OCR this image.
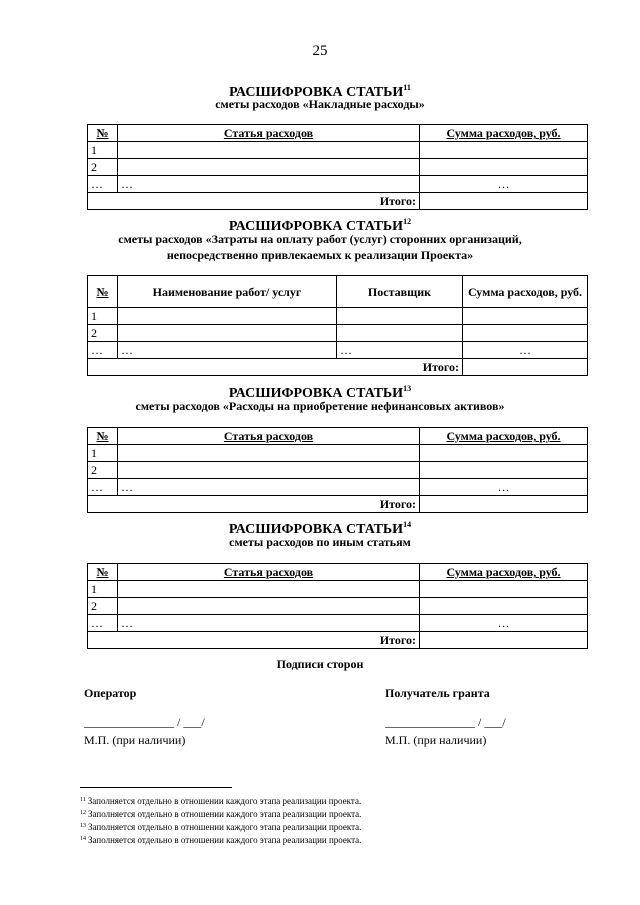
25
РАСШИФРОВКА СТАТЬИ$^{11}$
сметы расходов «Накладные расходы»
№	Статья расходов	Сумма расходов, руб.
1		
2		
…	…	…
Итого:		
РАСШИФРОВКА СТАТЬИ$^{12}$
сметы расходов «Затраты на оплату работ (услуг) сторонних организаций,
непосредственно привлекаемых к реализации Проекта»
№	Наименование работ/ услуг	Поставщик	Сумма расходов, руб.
1			
2			
…	…	…	…
Итого:			
РАСШИФРОВКА СТАТЬИ$^{13}$
сметы расходов «Расходы на приобретение нефинансовых активов»
№	Статья расходов	Сумма расходов, руб.
1		
2		
…	…	…
Итого:		
РАСШИФРОВКА СТАТЬИ$^{14}$
сметы расходов по иным статьям
№	Статья расходов	Сумма расходов, руб.
1		
2		
…	…	…
Итого:		
Подписи сторон
Оператор	Получатель гранта
_______________ / ___/	_______________ / ___/
М.П. (при наличии)	М.П. (при наличии)
$^{11}$ Заполняется отдельно в отношении каждого этапа реализации проекта.
$^{12}$ Заполняется отдельно в отношении каждого этапа реализации проекта.
$^{13}$ Заполняется отдельно в отношении каждого этапа реализации проекта.
$^{14}$ Заполняется отдельно в отношении каждого этапа реализации проекта.
